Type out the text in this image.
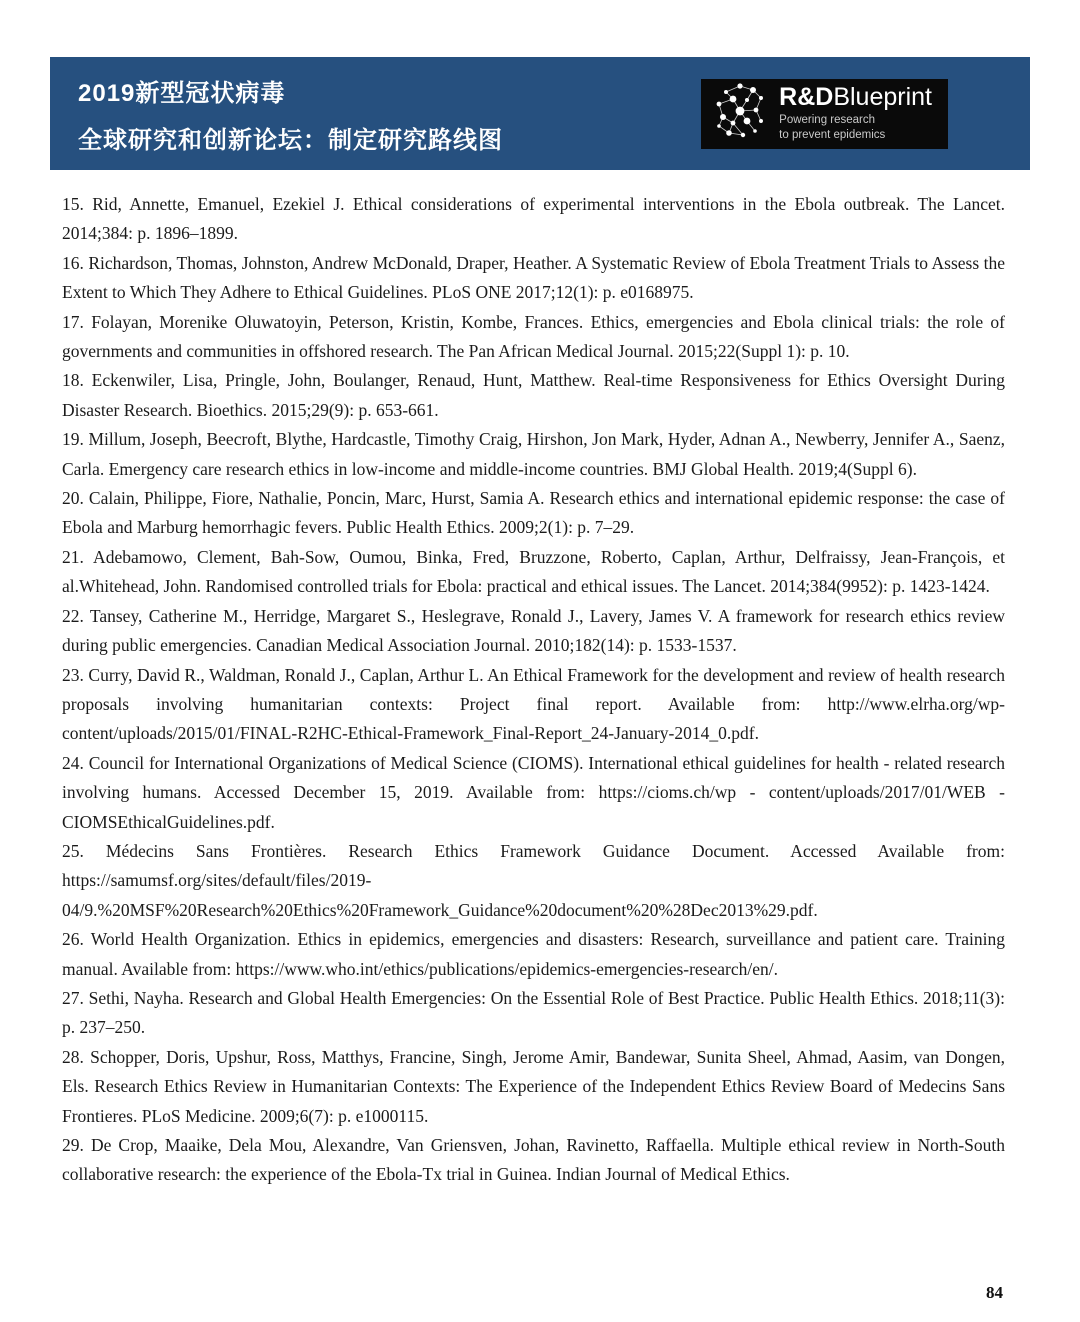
2019新型冠状病毒
全球研究和创新论坛：制定研究路线图
R&DBlueprint
Powering research
to prevent epidemics

15. Rid, Annette, Emanuel, Ezekiel J. Ethical considerations of experimental interventions in the Ebola outbreak. The Lancet. 2014;384: p. 1896–1899.

16. Richardson, Thomas, Johnston, Andrew McDonald, Draper, Heather. A Systematic Review of Ebola Treatment Trials to Assess the Extent to Which They Adhere to Ethical Guidelines. PLoS ONE 2017;12(1): p. e0168975.

17. Folayan, Morenike Oluwatoyin, Peterson, Kristin, Kombe, Frances. Ethics, emergencies and Ebola clinical trials: the role of governments and communities in offshored research. The Pan African Medical Journal. 2015;22(Suppl 1): p. 10.

18. Eckenwiler, Lisa, Pringle, John, Boulanger, Renaud, Hunt, Matthew. Real-time Responsiveness for Ethics Oversight During Disaster Research. Bioethics. 2015;29(9): p. 653-661.

19. Millum, Joseph, Beecroft, Blythe, Hardcastle, Timothy Craig, Hirshon, Jon Mark, Hyder, Adnan A., Newberry, Jennifer A., Saenz, Carla. Emergency care research ethics in low-income and middle-income countries. BMJ Global Health. 2019;4(Suppl 6).

20. Calain, Philippe, Fiore, Nathalie, Poncin, Marc, Hurst, Samia A. Research ethics and international epidemic response: the case of Ebola and Marburg hemorrhagic fevers. Public Health Ethics. 2009;2(1): p. 7–29.

21. Adebamowo, Clement, Bah-Sow, Oumou, Binka, Fred, Bruzzone, Roberto, Caplan, Arthur, Delfraissy, Jean-François, et al.Whitehead, John. Randomised controlled trials for Ebola: practical and ethical issues. The Lancet. 2014;384(9952): p. 1423-1424.

22. Tansey, Catherine M., Herridge, Margaret S., Heslegrave, Ronald J., Lavery, James V. A framework for research ethics review during public emergencies. Canadian Medical Association Journal. 2010;182(14): p. 1533-1537.

23. Curry, David R., Waldman, Ronald J., Caplan, Arthur L. An Ethical Framework for the development and review of health research proposals involving humanitarian contexts: Project final report. Available from: http://www.elrha.org/wp-content/uploads/2015/01/FINAL-R2HC-Ethical-Framework_Final-Report_24-January-2014_0.pdf.

24. Council for International Organizations of Medical Science (CIOMS). International ethical guidelines for health ‐ related research involving humans. Accessed December 15, 2019. Available from: https://cioms.ch/wp ‐ content/uploads/2017/01/WEB ‐ CIOMSEthicalGuidelines.pdf.

25. Médecins Sans Frontières. Research Ethics Framework Guidance Document. Accessed Available from: https://samumsf.org/sites/default/files/2019-04/9.%20MSF%20Research%20Ethics%20Framework_Guidance%20document%20%28Dec2013%29.pdf.

26. World Health Organization. Ethics in epidemics, emergencies and disasters: Research, surveillance and patient care. Training manual. Available from: https://www.who.int/ethics/publications/epidemics-emergencies-research/en/.

27. Sethi, Nayha. Research and Global Health Emergencies: On the Essential Role of Best Practice. Public Health Ethics. 2018;11(3): p. 237–250.

28. Schopper, Doris, Upshur, Ross, Matthys, Francine, Singh, Jerome Amir, Bandewar, Sunita Sheel, Ahmad, Aasim, van Dongen, Els. Research Ethics Review in Humanitarian Contexts: The Experience of the Independent Ethics Review Board of Medecins Sans Frontieres. PLoS Medicine. 2009;6(7): p. e1000115.

29. De Crop, Maaike, Dela Mou, Alexandre, Van Griensven, Johan, Ravinetto, Raffaella. Multiple ethical review in North-South collaborative research: the experience of the Ebola-Tx trial in Guinea. Indian Journal of Medical Ethics.

84
